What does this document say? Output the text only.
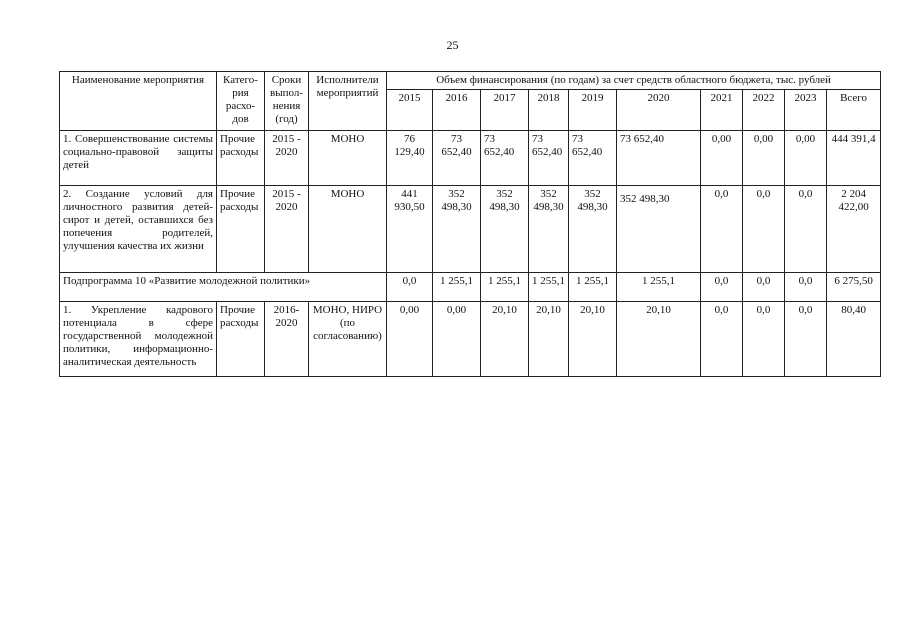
25
Наименование мероприятия	Катего-рия расхо-дов	Сроки выпол-нения (год)	Исполнители мероприятий	Объем финансирования (по годам) за счет средств областного бюджета, тыс. рублей									
				2015	2016	2017	2018	2019	2020	2021	2022	2023	Всего
1. Совершенствование системы социально-правовой защиты детей	Прочие расходы	2015 - 2020	МОНО	76 129,40	73 652,40	73 652,40	73 652,40	73 652,40	73 652,40	0,00	0,00	0,00	444 391,4
2. Создание условий для личностного развития детей-сирот и детей, оставшихся без попечения родителей, улучшения качества их жизни	Прочие расходы	2015 - 2020	МОНО	441 930,50	352 498,30	352 498,30	352 498,30	352 498,30	352 498,30	0,0	0,0	0,0	2 204 422,00
Подпрограмма 10 «Развитие молодежной политики»				0,0	1 255,1	1 255,1	1 255,1	1 255,1	1 255,1	0,0	0,0	0,0	6 275,50
1. Укрепление кадрового потенциала в сфере государственной молодежной политики, информационно-аналитическая деятельность	Прочие расходы	2016-2020	МОНО, НИРО (по согласованию)	0,00	0,00	20,10	20,10	20,10	20,10	0,0	0,0	0,0	80,40
